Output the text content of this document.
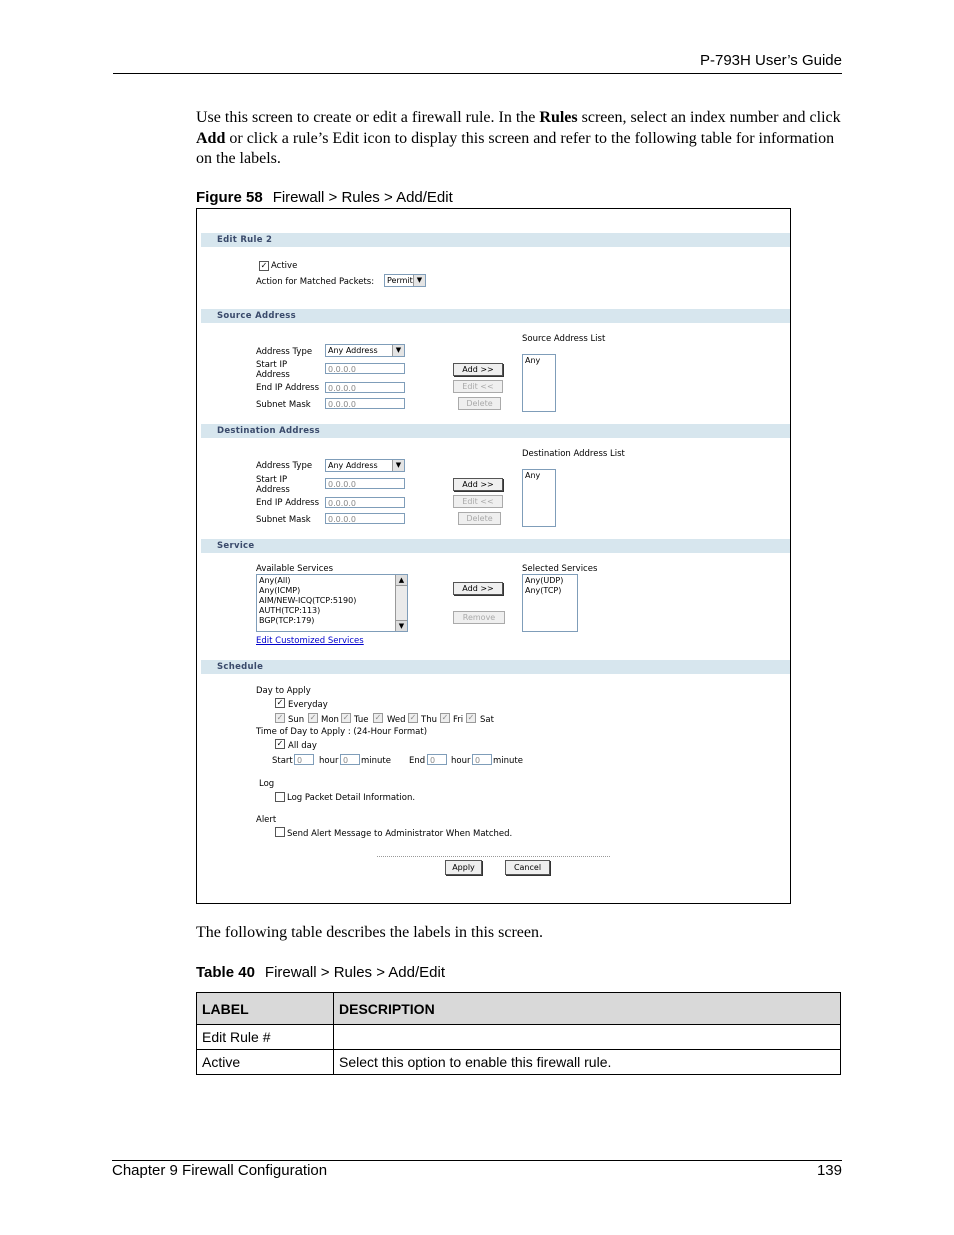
P-793H User’s Guide
Use this screen to create or edit a firewall rule. In the Rules screen, select an index number and click Add or click a rule’s Edit icon to display this screen and refer to the following table for information on the labels.
Figure 58 Firewall > Rules > Add/Edit
Edit Rule 2
✓ Active
Action for Matched Packets:	Permit ▼
Source Address
Address Type	Any Address	▼
Start IP Address
0.0.0.0
End IP Address	0.0.0.0
Subnet Mask	0.0.0.0
Add >>
Edit <<
Delete
Source Address List
Any
Destination Address
Address Type	Any Address	▼
Start IP Address
0.0.0.0
End IP Address	0.0.0.0
Subnet Mask	0.0.0.0
Add >>
Edit <<
Delete
Destination Address List
Any
Service
Available Services
Any(All)
Any(ICMP)
AIM/NEW-ICQ(TCP:5190)
AUTH(TCP:113)
BGP(TCP:179)
▲
▼
Edit Customized Services
Add >>
Remove
Selected Services
Any(UDP)
Any(TCP)
Schedule
Day to Apply
✓ Everyday
✓ Sun ✓ Mon ✓ Tue ✓ Wed ✓ Thu ✓ Fri ✓ Sat
Time of Day to Apply : (24-Hour Format)
✓ All day
Start 0	hour 0	minute End 0	hour 0	minute
Log
Log Packet Detail Information.
Alert
Send Alert Message to Administrator When Matched.
Apply	Cancel
The following table describes the labels in this screen.
Table 40 Firewall > Rules > Add/Edit
LABEL	DESCRIPTION
Edit Rule #	
Active	Select this option to enable this firewall rule.
Chapter 9 Firewall Configuration	139
